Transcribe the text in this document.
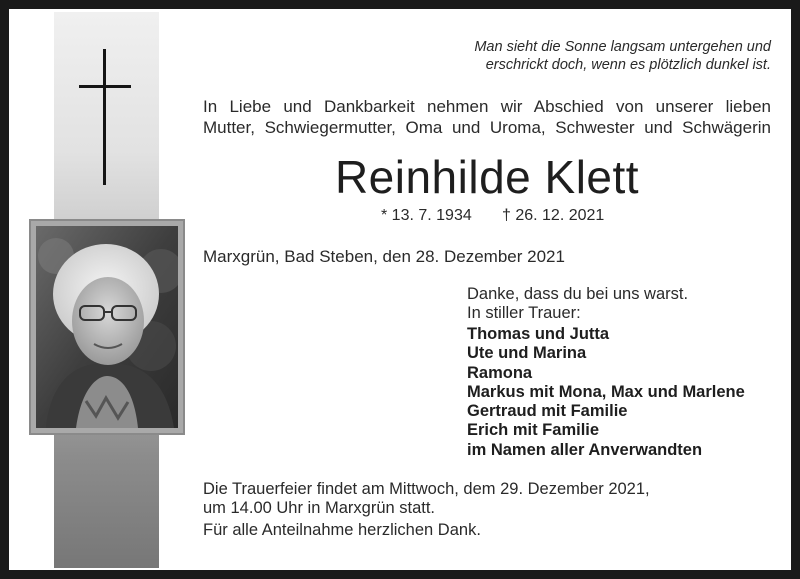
Man sieht die Sonne langsam untergehen und
erschrickt doch, wenn es plötzlich dunkel ist.
In Liebe und Dankbarkeit nehmen wir Abschied von unserer lieben
Mutter, Schwiegermutter, Oma und Uroma, Schwester und Schwägerin
Reinhilde Klett
* 13. 7. 1934 † 26. 12. 2021
Marxgrün, Bad Steben, den 28. Dezember 2021
Danke, dass du bei uns warst.
In stiller Trauer:
Thomas und Jutta
Ute und Marina
Ramona
Markus mit Mona, Max und Marlene
Gertraud mit Familie
Erich mit Familie
im Namen aller Anverwandten
Die Trauerfeier findet am Mittwoch, dem 29. Dezember 2021,
um 14.00 Uhr in Marxgrün statt.
Für alle Anteilnahme herzlichen Dank.
